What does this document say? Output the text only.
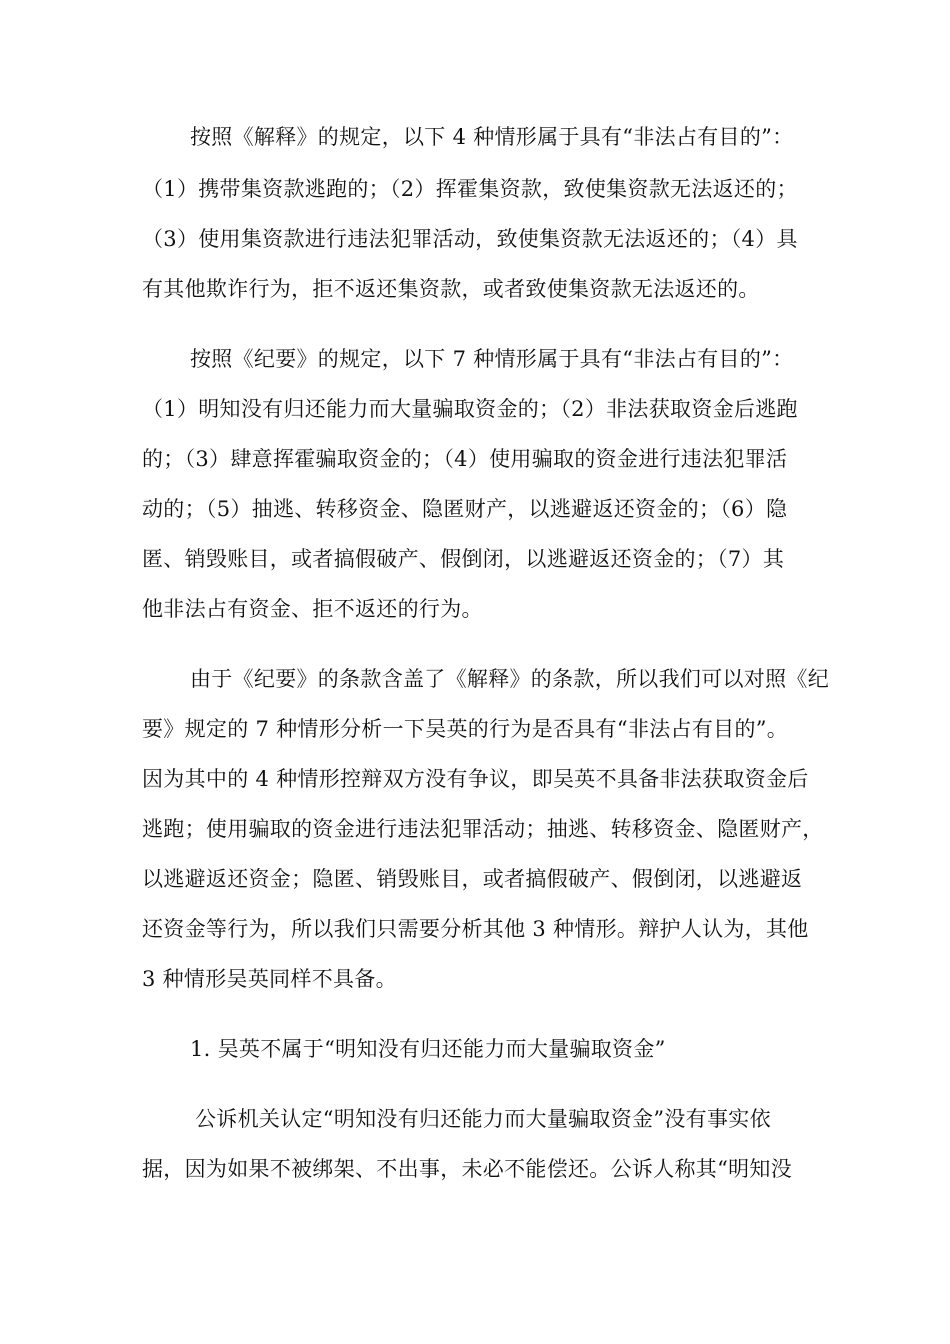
按照《解释》的规定，以下 4 种情形属于具有“非法占有目的”：
（1）携带集资款逃跑的；（2）挥霍集资款，致使集资款无法返还的；
（3）使用集资款进行违法犯罪活动，致使集资款无法返还的；（4）具
有其他欺诈行为，拒不返还集资款，或者致使集资款无法返还的。
按照《纪要》的规定，以下 7 种情形属于具有“非法占有目的”：
（1）明知没有归还能力而大量骗取资金的；（2）非法获取资金后逃跑
的；（3）肆意挥霍骗取资金的；（4）使用骗取的资金进行违法犯罪活
动的；（5）抽逃、转移资金、隐匿财产，以逃避返还资金的；（6）隐
匿、销毁账目，或者搞假破产、假倒闭，以逃避返还资金的；（7）其
他非法占有资金、拒不返还的行为。
由于《纪要》的条款含盖了《解释》的条款，所以我们可以对照《纪
要》规定的 7 种情形分析一下吴英的行为是否具有“非法占有目的”。
因为其中的 4 种情形控辩双方没有争议，即吴英不具备非法获取资金后
逃跑；使用骗取的资金进行违法犯罪活动；抽逃、转移资金、隐匿财产，
以逃避返还资金；隐匿、销毁账目，或者搞假破产、假倒闭，以逃避返
还资金等行为，所以我们只需要分析其他 3 种情形。辩护人认为，其他
3 种情形吴英同样不具备。
1. 吴英不属于“明知没有归还能力而大量骗取资金”
公诉机关认定“明知没有归还能力而大量骗取资金”没有事实依
据，因为如果不被绑架、不出事，未必不能偿还。公诉人称其“明知没
